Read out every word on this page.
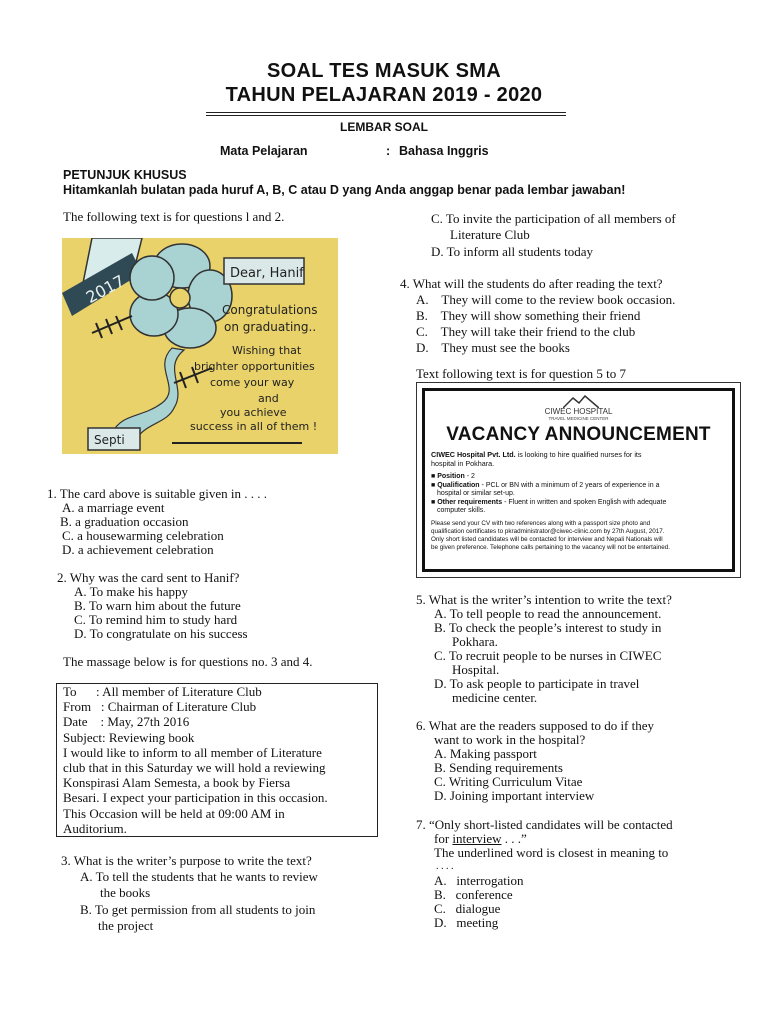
SOAL TES MASUK SMA
TAHUN PELAJARAN 2019 - 2020
LEMBAR SOAL
Mata Pelajaran	: Bahasa Inggris
PETUNJUK KHUSUS
Hitamkanlah bulatan pada huruf A, B, C atau D yang Anda anggap benar pada lembar jawaban!
The following text is for questions l and 2.
2017	Dear, Hanif
Congratulations
on graduating..
Wishing that
brighter opportunities
come your way
and
you achieve
success in all of them !
Septi
1. The card above is suitable given in . . . .
A. a marriage event
B. a graduation occasion
C. a housewarming celebration
D. a achievement celebration
2. Why was the card sent to Hanif?
A. To make his happy
B. To warn him about the future
C. To remind him to study hard
D. To congratulate on his success
The massage below is for questions no. 3 and 4.
To      : All member of Literature Club
From   : Chairman of Literature Club
Date    : May, 27th 2016
Subject: Reviewing book
I would like to inform to all member of Literature
club that in this Saturday we will hold a reviewing
Konspirasi Alam Semesta, a book by Fiersa
Besari. I expect your participation in this occasion.
This Occasion will be held at 09:00 AM in
Auditorium.
3. What is the writer’s purpose to write the text?
A. To tell the students that he wants to review
the books
B. To get permission from all students to join
the project
C. To invite the participation of all members of
Literature Club
D. To inform all students today
4. What will the students do after reading the text?
A.    They will come to the review book occasion.
B.    They will show something their friend
C.    They will take their friend to the club
D.    They must see the books
Text following text is for question 5 to 7
CIWEC HOSPITAL
TRAVEL MEDICINE CENTER
VACANCY ANNOUNCEMENT
CIWEC Hospital Pvt. Ltd. is looking to hire qualified nurses for its
hospital in Pokhara.
■ Position - 2
■ Qualification - PCL or BN with a minimum of 2 years of experience in a
hospital or similar set-up.
■ Other requirements - Fluent in written and spoken English with adequate
computer skills.
Please send your CV with two references along with a passport size photo and
qualification certificates to pkradministrator@ciwec-clinic.com by 27th August, 2017.
Only short listed candidates will be contacted for interview and Nepali Nationals will
be given preference. Telephone calls pertaining to the vacancy will not be entertained.
5. What is the writer’s intention to write the text?
A. To tell people to read the announcement.
B. To check the people’s interest to study in
Pokhara.
C. To recruit people to be nurses in CIWEC
Hospital.
D. To ask people to participate in travel
medicine center.
6. What are the readers supposed to do if they
want to work in the hospital?
A. Making passport
B. Sending requirements
C. Writing Curriculum Vitae
D. Joining important interview
7. “Only short-listed candidates will be contacted
for interview . . .”
The underlined word is closest in meaning to
. . . .
A.   interrogation
B.   conference
C.   dialogue
D.   meeting
